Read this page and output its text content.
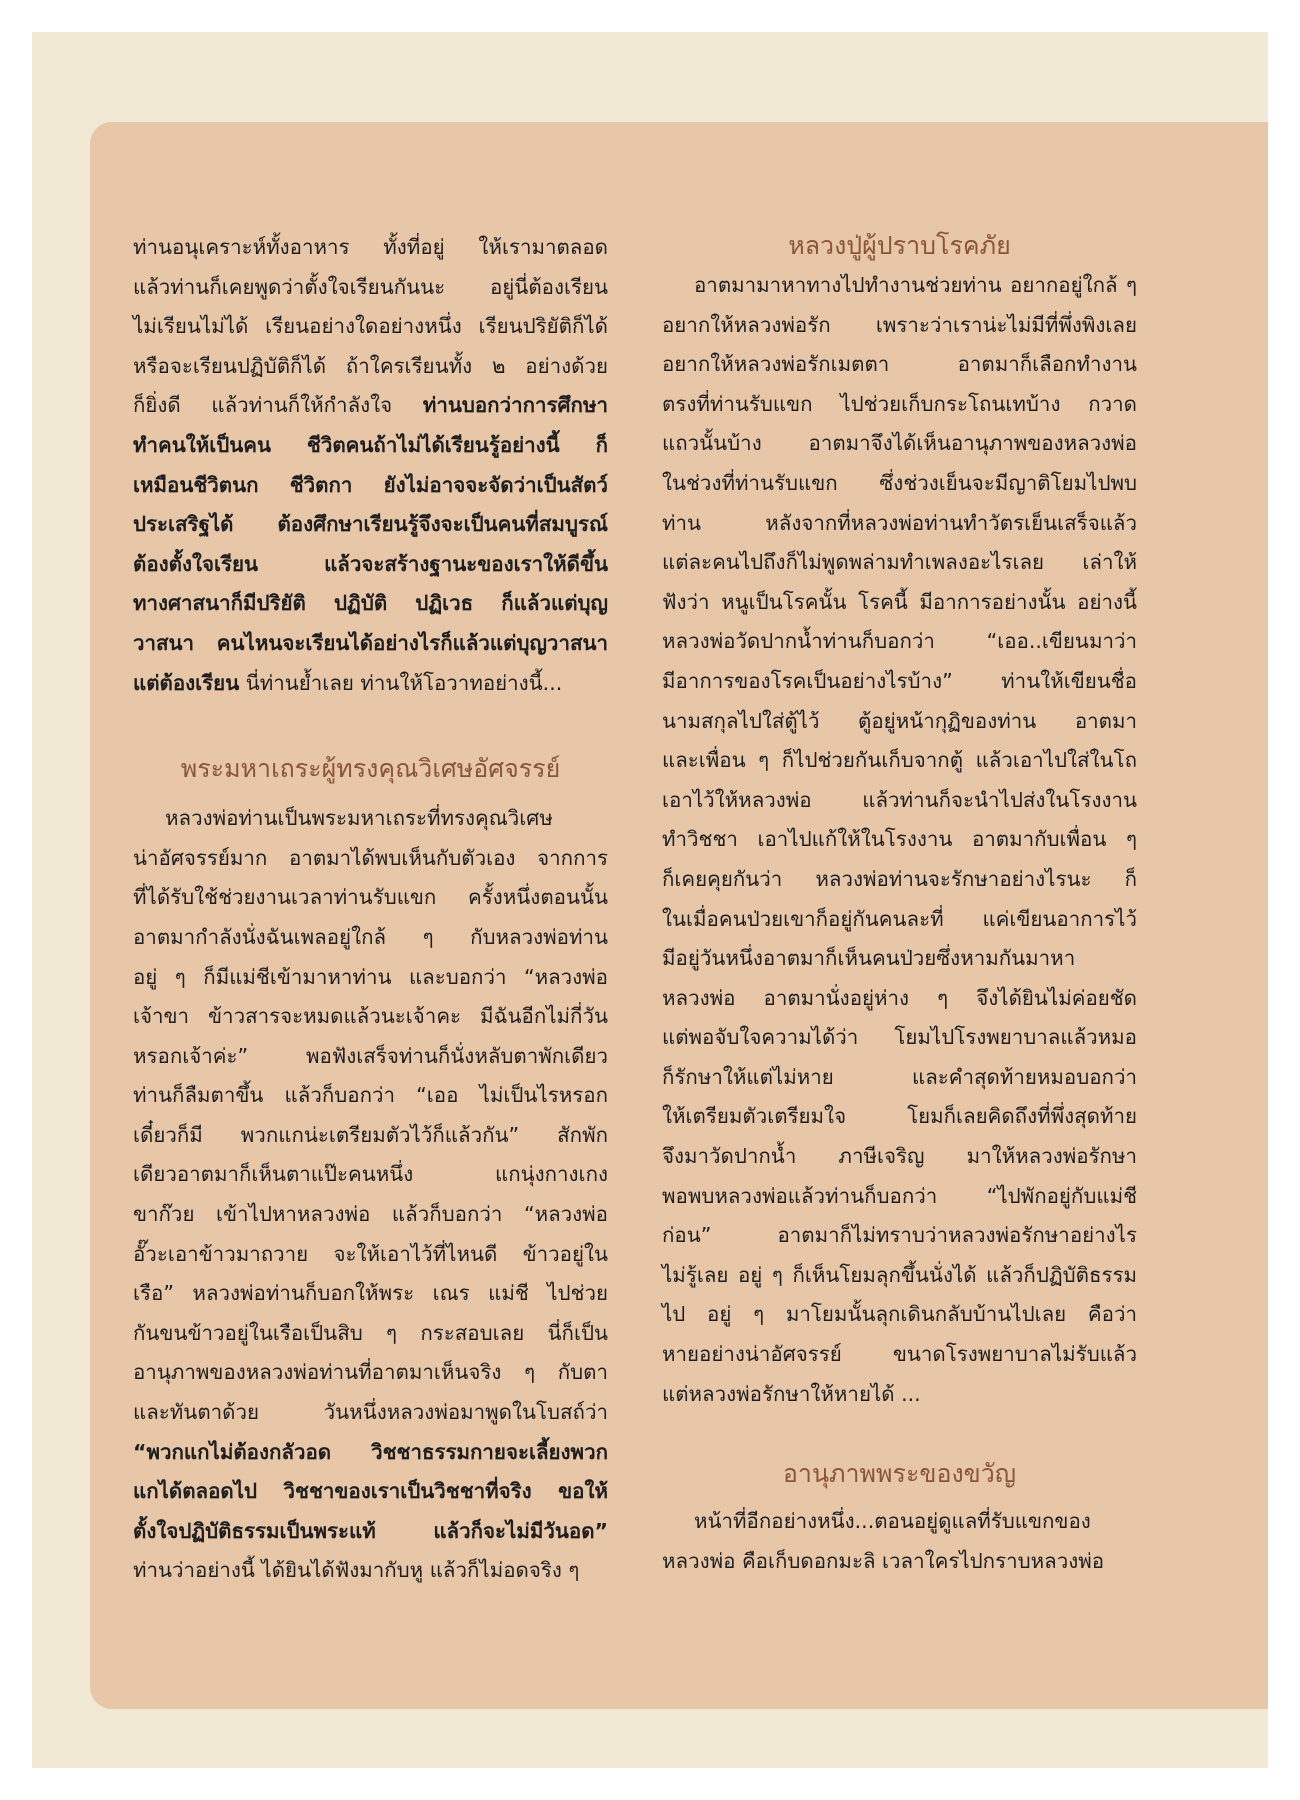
ท่านอนุเคราะห์ทั้งอาหาร ทั้งที่อยู่ ให้เรามาตลอด

แล้วท่านก็เคยพูดว่าตั้งใจเรียนกันนะ อยู่นี่ต้องเรียน

ไม่เรียนไม่ได้ เรียนอย่างใดอย่างหนึ่ง เรียนปริยัติก็ได้

หรือจะเรียนปฏิบัติก็ได้ ถ้าใครเรียนทั้ง ๒ อย่างด้วย

ก็ยิ่งดี แล้วท่านก็ให้กำลังใจ ท่านบอกว่าการศึกษา

ทำคนให้เป็นคน ชีวิตคนถ้าไม่ได้เรียนรู้อย่างนี้ ก็

เหมือนชีวิตนก ชีวิตกา ยังไม่อาจจะจัดว่าเป็นสัตว์

ประเสริฐได้ ต้องศึกษาเรียนรู้จึงจะเป็นคนที่สมบูรณ์

ต้องตั้งใจเรียน แล้วจะสร้างฐานะของเราให้ดีขึ้น

ทางศาสนาก็มีปริยัติ ปฏิบัติ ปฏิเวธ ก็แล้วแต่บุญ

วาสนา คนไหนจะเรียนได้อย่างไรก็แล้วแต่บุญวาสนา

แต่ต้องเรียน นี่ท่านย้ำเลย ท่านให้โอวาทอย่างนี้...

พระมหาเถระผู้ทรงคุณวิเศษอัศจรรย์

หลวงพ่อท่านเป็นพระมหาเถระที่ทรงคุณวิเศษ

น่าอัศจรรย์มาก อาตมาได้พบเห็นกับตัวเอง จากการ

ที่ได้รับใช้ช่วยงานเวลาท่านรับแขก ครั้งหนึ่งตอนนั้น

อาตมากำลังนั่งฉันเพลอยู่ใกล้ ๆ กับหลวงพ่อท่าน

อยู่ ๆ ก็มีแม่ชีเข้ามาหาท่าน และบอกว่า “หลวงพ่อ

เจ้าขา ข้าวสารจะหมดแล้วนะเจ้าคะ มีฉันอีกไม่กี่วัน

หรอกเจ้าค่ะ” พอฟังเสร็จท่านก็นั่งหลับตาพักเดียว

ท่านก็ลืมตาขึ้น แล้วก็บอกว่า “เออ ไม่เป็นไรหรอก

เดี๋ยวก็มี พวกแกน่ะเตรียมตัวไว้ก็แล้วกัน” สักพัก

เดียวอาตมาก็เห็นตาแป๊ะคนหนึ่ง แกนุ่งกางเกง

ขาก๊วย เข้าไปหาหลวงพ่อ แล้วก็บอกว่า “หลวงพ่อ

อั๊วะเอาข้าวมาถวาย จะให้เอาไว้ที่ไหนดี ข้าวอยู่ใน

เรือ” หลวงพ่อท่านก็บอกให้พระ เณร แม่ชี ไปช่วย

กันขนข้าวอยู่ในเรือเป็นสิบ ๆ กระสอบเลย นี่ก็เป็น

อานุภาพของหลวงพ่อท่านที่อาตมาเห็นจริง ๆ กับตา

และทันตาด้วย วันหนึ่งหลวงพ่อมาพูดในโบสถ์ว่า

“พวกแกไม่ต้องกลัวอด วิชชาธรรมกายจะเลี้ยงพวก

แกได้ตลอดไป วิชชาของเราเป็นวิชชาที่จริง ขอให้

ตั้งใจปฏิบัติธรรมเป็นพระแท้ แล้วก็จะไม่มีวันอด”

ท่านว่าอย่างนี้ ได้ยินได้ฟังมากับหู แล้วก็ไม่อดจริง ๆ

หลวงปู่ผู้ปราบโรคภัย

อาตมามาหาทางไปทำงานช่วยท่าน อยากอยู่ใกล้ ๆ

อยากให้หลวงพ่อรัก เพราะว่าเราน่ะไม่มีที่พึ่งพิงเลย

อยากให้หลวงพ่อรักเมตตา อาตมาก็เลือกทำงาน

ตรงที่ท่านรับแขก ไปช่วยเก็บกระโถนเทบ้าง กวาด

แถวนั้นบ้าง อาตมาจึงได้เห็นอานุภาพของหลวงพ่อ

ในช่วงที่ท่านรับแขก ซึ่งช่วงเย็นจะมีญาติโยมไปพบ

ท่าน หลังจากที่หลวงพ่อท่านทำวัตรเย็นเสร็จแล้ว

แต่ละคนไปถึงก็ไม่พูดพล่ามทำเพลงอะไรเลย เล่าให้

ฟังว่า หนูเป็นโรคนั้น โรคนี้ มีอาการอย่างนั้น อย่างนี้

หลวงพ่อวัดปากน้ำท่านก็บอกว่า “เออ..เขียนมาว่า

มีอาการของโรคเป็นอย่างไรบ้าง” ท่านให้เขียนชื่อ

นามสกุลไปใส่ตู้ไว้ ตู้อยู่หน้ากุฏิของท่าน อาตมา

และเพื่อน ๆ ก็ไปช่วยกันเก็บจากตู้ แล้วเอาไปใส่ในโถ

เอาไว้ให้หลวงพ่อ แล้วท่านก็จะนำไปส่งในโรงงาน

ทำวิชชา เอาไปแก้ให้ในโรงงาน อาตมากับเพื่อน ๆ

ก็เคยคุยกันว่า หลวงพ่อท่านจะรักษาอย่างไรนะ ก็

ในเมื่อคนป่วยเขาก็อยู่กันคนละที่ แค่เขียนอาการไว้

มีอยู่วันหนึ่งอาตมาก็เห็นคนป่วยซึ่งหามกันมาหา

หลวงพ่อ อาตมานั่งอยู่ห่าง ๆ จึงได้ยินไม่ค่อยชัด

แต่พอจับใจความได้ว่า โยมไปโรงพยาบาลแล้วหมอ

ก็รักษาให้แต่ไม่หาย และคำสุดท้ายหมอบอกว่า

ให้เตรียมตัวเตรียมใจ โยมก็เลยคิดถึงที่พึ่งสุดท้าย

จึงมาวัดปากน้ำ ภาษีเจริญ มาให้หลวงพ่อรักษา

พอพบหลวงพ่อแล้วท่านก็บอกว่า “ไปพักอยู่กับแม่ชี

ก่อน” อาตมาก็ไม่ทราบว่าหลวงพ่อรักษาอย่างไร

ไม่รู้เลย อยู่ ๆ ก็เห็นโยมลุกขึ้นนั่งได้ แล้วก็ปฏิบัติธรรม

ไป อยู่ ๆ มาโยมนั้นลุกเดินกลับบ้านไปเลย คือว่า

หายอย่างน่าอัศจรรย์ ขนาดโรงพยาบาลไม่รับแล้ว

แต่หลวงพ่อรักษาให้หายได้ ...

อานุภาพพระของขวัญ

หน้าที่อีกอย่างหนึ่ง...ตอนอยู่ดูแลที่รับแขกของ

หลวงพ่อ คือเก็บดอกมะลิ เวลาใครไปกราบหลวงพ่อ
